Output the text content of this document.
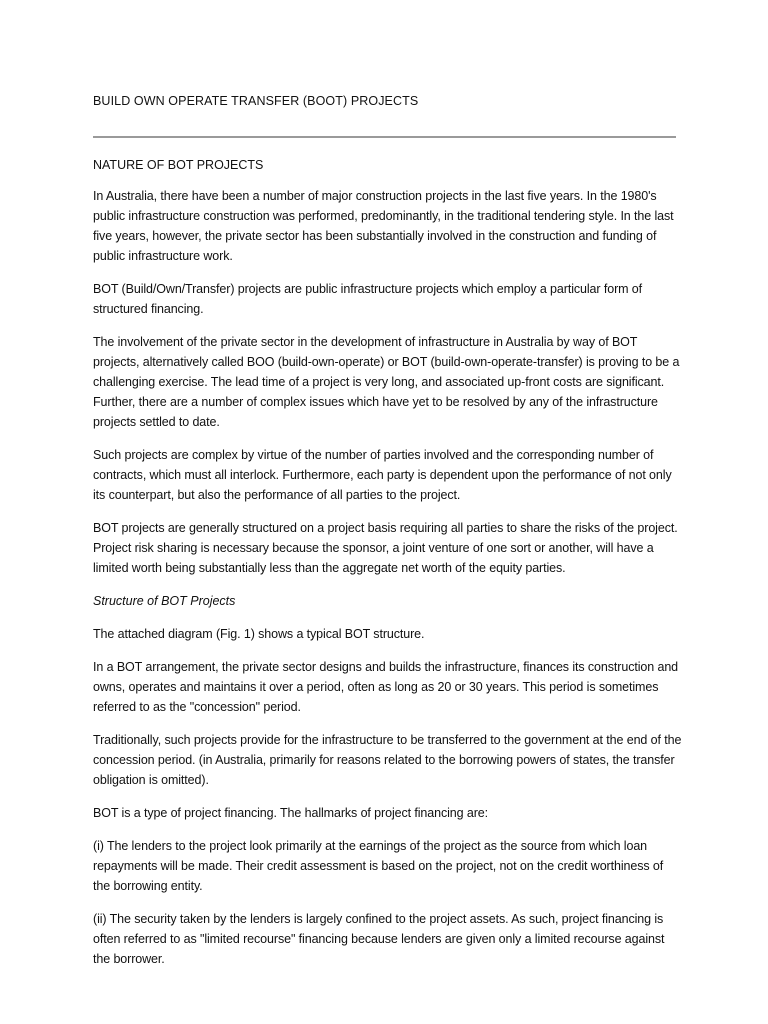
BUILD OWN OPERATE TRANSFER (BOOT) PROJECTS
NATURE OF BOT PROJECTS

In Australia, there have been a number of major construction projects in the last five years. In the 1980's public infrastructure construction was performed, predominantly, in the traditional tendering style. In the last five years, however, the private sector has been substantially involved in the construction and funding of public infrastructure work.

BOT (Build/Own/Transfer) projects are public infrastructure projects which employ a particular form of structured financing.

The involvement of the private sector in the development of infrastructure in Australia by way of BOT projects, alternatively called BOO (build-own-operate) or BOT (build-own-operate-transfer) is proving to be a challenging exercise. The lead time of a project is very long, and associated up-front costs are significant. Further, there are a number of complex issues which have yet to be resolved by any of the infrastructure projects settled to date.

Such projects are complex by virtue of the number of parties involved and the corresponding number of contracts, which must all interlock. Furthermore, each party is dependent upon the performance of not only its counterpart, but also the performance of all parties to the project.

BOT projects are generally structured on a project basis requiring all parties to share the risks of the project. Project risk sharing is necessary because the sponsor, a joint venture of one sort or another, will have a limited worth being substantially less than the aggregate net worth of the equity parties.

Structure of BOT Projects

The attached diagram (Fig. 1) shows a typical BOT structure.

In a BOT arrangement, the private sector designs and builds the infrastructure, finances its construction and owns, operates and maintains it over a period, often as long as 20 or 30 years. This period is sometimes referred to as the "concession" period.

Traditionally, such projects provide for the infrastructure to be transferred to the government at the end of the concession period. (in Australia, primarily for reasons related to the borrowing powers of states, the transfer obligation is omitted).

BOT is a type of project financing. The hallmarks of project financing are:

(i) The lenders to the project look primarily at the earnings of the project as the source from which loan repayments will be made. Their credit assessment is based on the project, not on the credit worthiness of the borrowing entity.

(ii) The security taken by the lenders is largely confined to the project assets. As such, project financing is often referred to as "limited recourse" financing because lenders are given only a limited recourse against the borrower.
